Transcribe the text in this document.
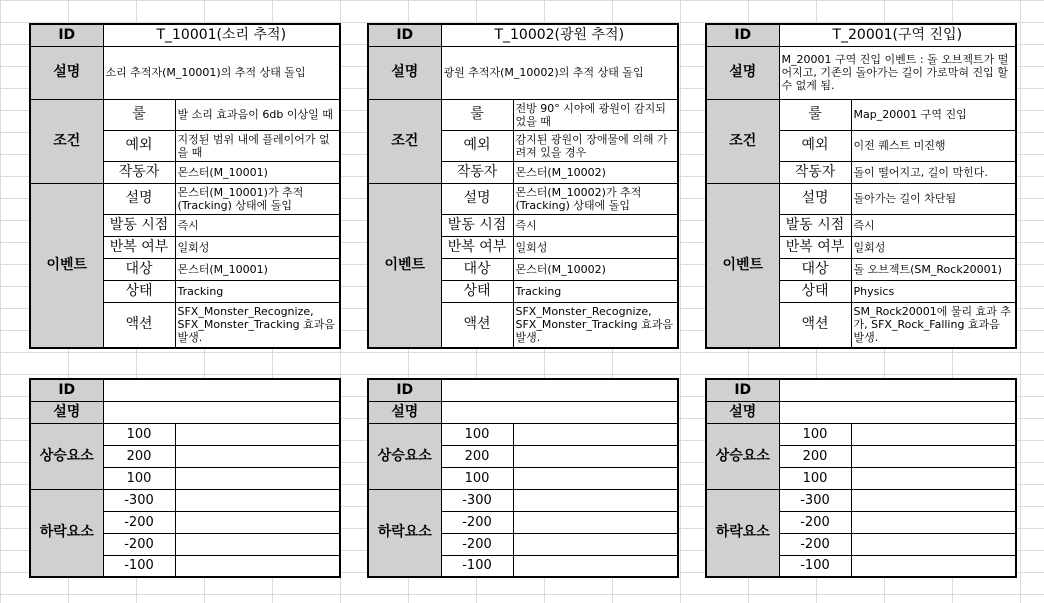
ID	T_10001(소리 추적)	
설명	소리 추적자(M_10001)의 추적 상태 돌입	
조건	룰	발 소리 효과음이 6db 이상일 때
	예외	지정된 범위 내에 플레이어가 없을 때
	작동자	몬스터(M_10001)
이벤트	설명	몬스터(M_10001)가 추적(Tracking) 상태에 돌입
	발동 시점	즉시
	반복 여부	일회성
	대상	몬스터(M_10001)
	상태	Tracking
	액션	SFX_Monster_Recognize, SFX_Monster_Tracking 효과음 발생.
ID	T_10002(광원 추적)	
설명	광원 추적자(M_10002)의 추적 상태 돌입	
조건	룰	전방 90° 시야에 광원이 감지되었을 때
	예외	감지된 광원이 장애물에 의해 가려져 있을 경우
	작동자	몬스터(M_10002)
이벤트	설명	몬스터(M_10002)가 추적(Tracking) 상태에 돌입
	발동 시점	즉시
	반복 여부	일회성
	대상	몬스터(M_10002)
	상태	Tracking
	액션	SFX_Monster_Recognize, SFX_Monster_Tracking 효과음 발생.
ID	T_20001(구역 진입)	
설명	M_20001 구역 진입 이벤트 : 돌 오브젝트가 떨어지고, 기존의 돌아가는 길이 가로막혀 진입 할 수 없게 됨.	
조건	룰	Map_20001 구역 진입
	예외	이전 퀘스트 미진행
	작동자	돌이 떨어지고, 길이 막힌다.
이벤트	설명	돌아가는 길이 차단됨
	발동 시점	즉시
	반복 여부	일회성
	대상	돌 오브젝트(SM_Rock20001)
	상태	Physics
	액션	SM_Rock20001에 물리 효과 추가, SFX_Rock_Falling 효과음 발생.
ID		
설명		
상승요소	100	
	200	
	100	
하락요소	-300	
	-200	
	-200	
	-100	
ID		
설명		
상승요소	100	
	200	
	100	
하락요소	-300	
	-200	
	-200	
	-100	
ID		
설명		
상승요소	100	
	200	
	100	
하락요소	-300	
	-200	
	-200	
	-100	
